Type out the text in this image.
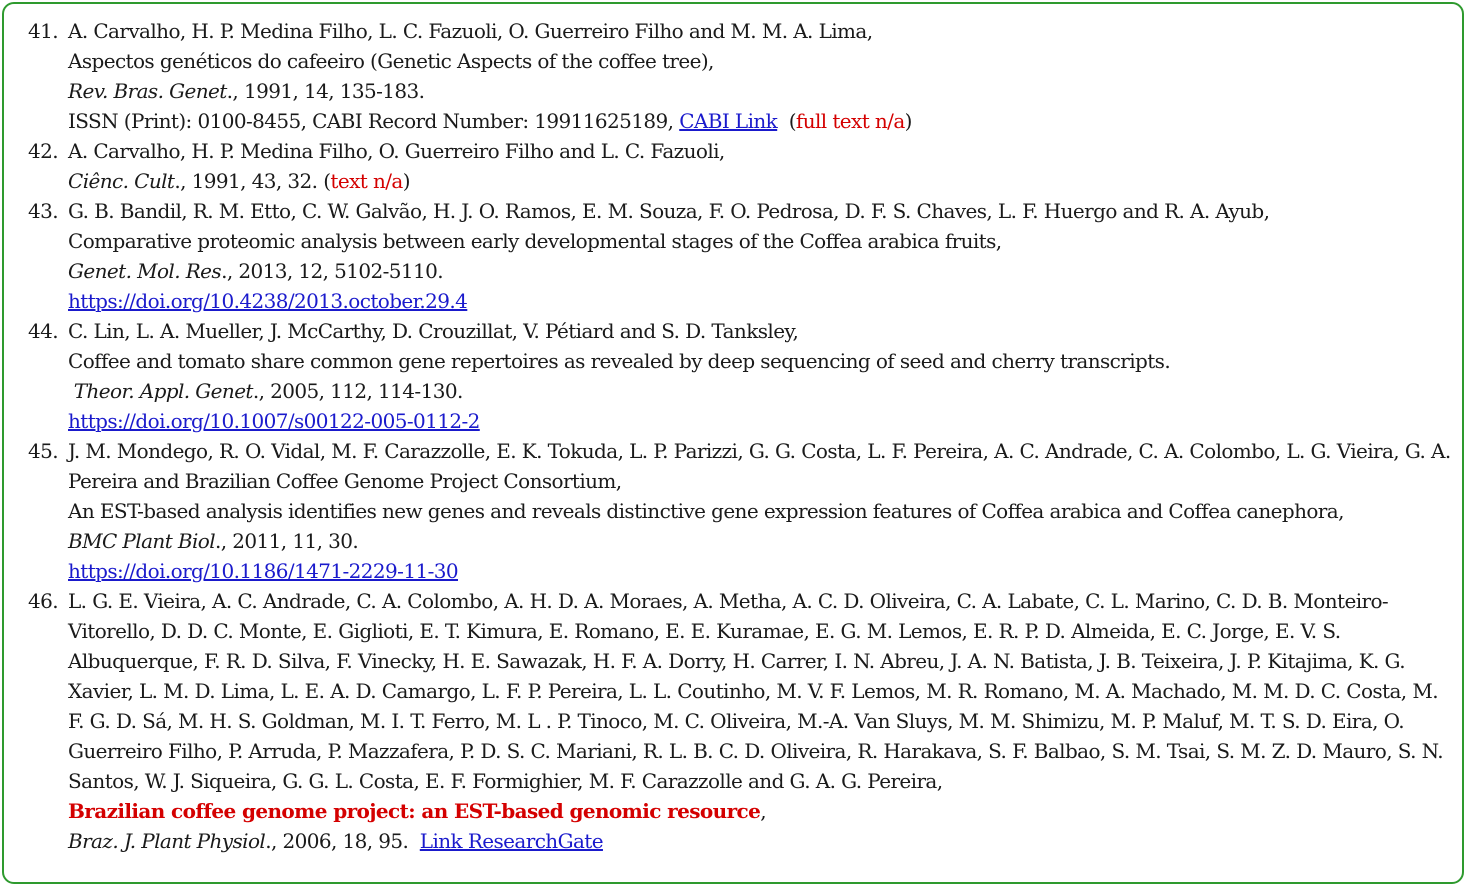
41. A. Carvalho, H. P. Medina Filho, L. C. Fazuoli, O. Guerreiro Filho and M. M. A. Lima,
Aspectos genéticos do cafeeiro (Genetic Aspects of the coffee tree),
Rev. Bras. Genet., 1991, 14, 135-183.
ISSN (Print): 0100-8455, CABI Record Number: 19911625189, CABI Link (full text n/a)
42. A. Carvalho, H. P. Medina Filho, O. Guerreiro Filho and L. C. Fazuoli,
Ciênc. Cult., 1991, 43, 32. (text n/a)
43. G. B. Bandil, R. M. Etto, C. W. Galvão, H. J. O. Ramos, E. M. Souza, F. O. Pedrosa, D. F. S. Chaves, L. F. Huergo and R. A. Ayub,
Comparative proteomic analysis between early developmental stages of the Coffea arabica fruits,
Genet. Mol. Res., 2013, 12, 5102-5110.
https://doi.org/10.4238/2013.october.29.4
44. C. Lin, L. A. Mueller, J. McCarthy, D. Crouzillat, V. Pétiard and S. D. Tanksley,
Coffee and tomato share common gene repertoires as revealed by deep sequencing of seed and cherry transcripts.
Theor. Appl. Genet., 2005, 112, 114-130.
https://doi.org/10.1007/s00122-005-0112-2
45. J. M. Mondego, R. O. Vidal, M. F. Carazzolle, E. K. Tokuda, L. P. Parizzi, G. G. Costa, L. F. Pereira, A. C. Andrade, C. A. Colombo, L. G. Vieira, G. A. Pereira and Brazilian Coffee Genome Project Consortium,
An EST-based analysis identifies new genes and reveals distinctive gene expression features of Coffea arabica and Coffea canephora,
BMC Plant Biol., 2011, 11, 30.
https://doi.org/10.1186/1471-2229-11-30
46. L. G. E. Vieira, A. C. Andrade, C. A. Colombo, A. H. D. A. Moraes, A. Metha, A. C. D. Oliveira, C. A. Labate, C. L. Marino, C. D. B. Monteiro-Vitorello, D. D. C. Monte, E. Giglioti, E. T. Kimura, E. Romano, E. E. Kuramae, E. G. M. Lemos, E. R. P. D. Almeida, E. C. Jorge, E. V. S. Albuquerque, F. R. D. Silva, F. Vinecky, H. E. Sawazak, H. F. A. Dorry, H. Carrer, I. N. Abreu, J. A. N. Batista, J. B. Teixeira, J. P. Kitajima, K. G. Xavier, L. M. D. Lima, L. E. A. D. Camargo, L. F. P. Pereira, L. L. Coutinho, M. V. F. Lemos, M. R. Romano, M. A. Machado, M. M. D. C. Costa, M. F. G. D. Sá, M. H. S. Goldman, M. I. T. Ferro, M. L . P. Tinoco, M. C. Oliveira, M.-A. Van Sluys, M. M. Shimizu, M. P. Maluf, M. T. S. D. Eira, O. Guerreiro Filho, P. Arruda, P. Mazzafera, P. D. S. C. Mariani, R. L. B. C. D. Oliveira, R. Harakava, S. F. Balbao, S. M. Tsai, S. M. Z. D. Mauro, S. N. Santos, W. J. Siqueira, G. G. L. Costa, E. F. Formighier, M. F. Carazzolle and G. A. G. Pereira,
Brazilian coffee genome project: an EST-based genomic resource,
Braz. J. Plant Physiol., 2006, 18, 95. Link ResearchGate
